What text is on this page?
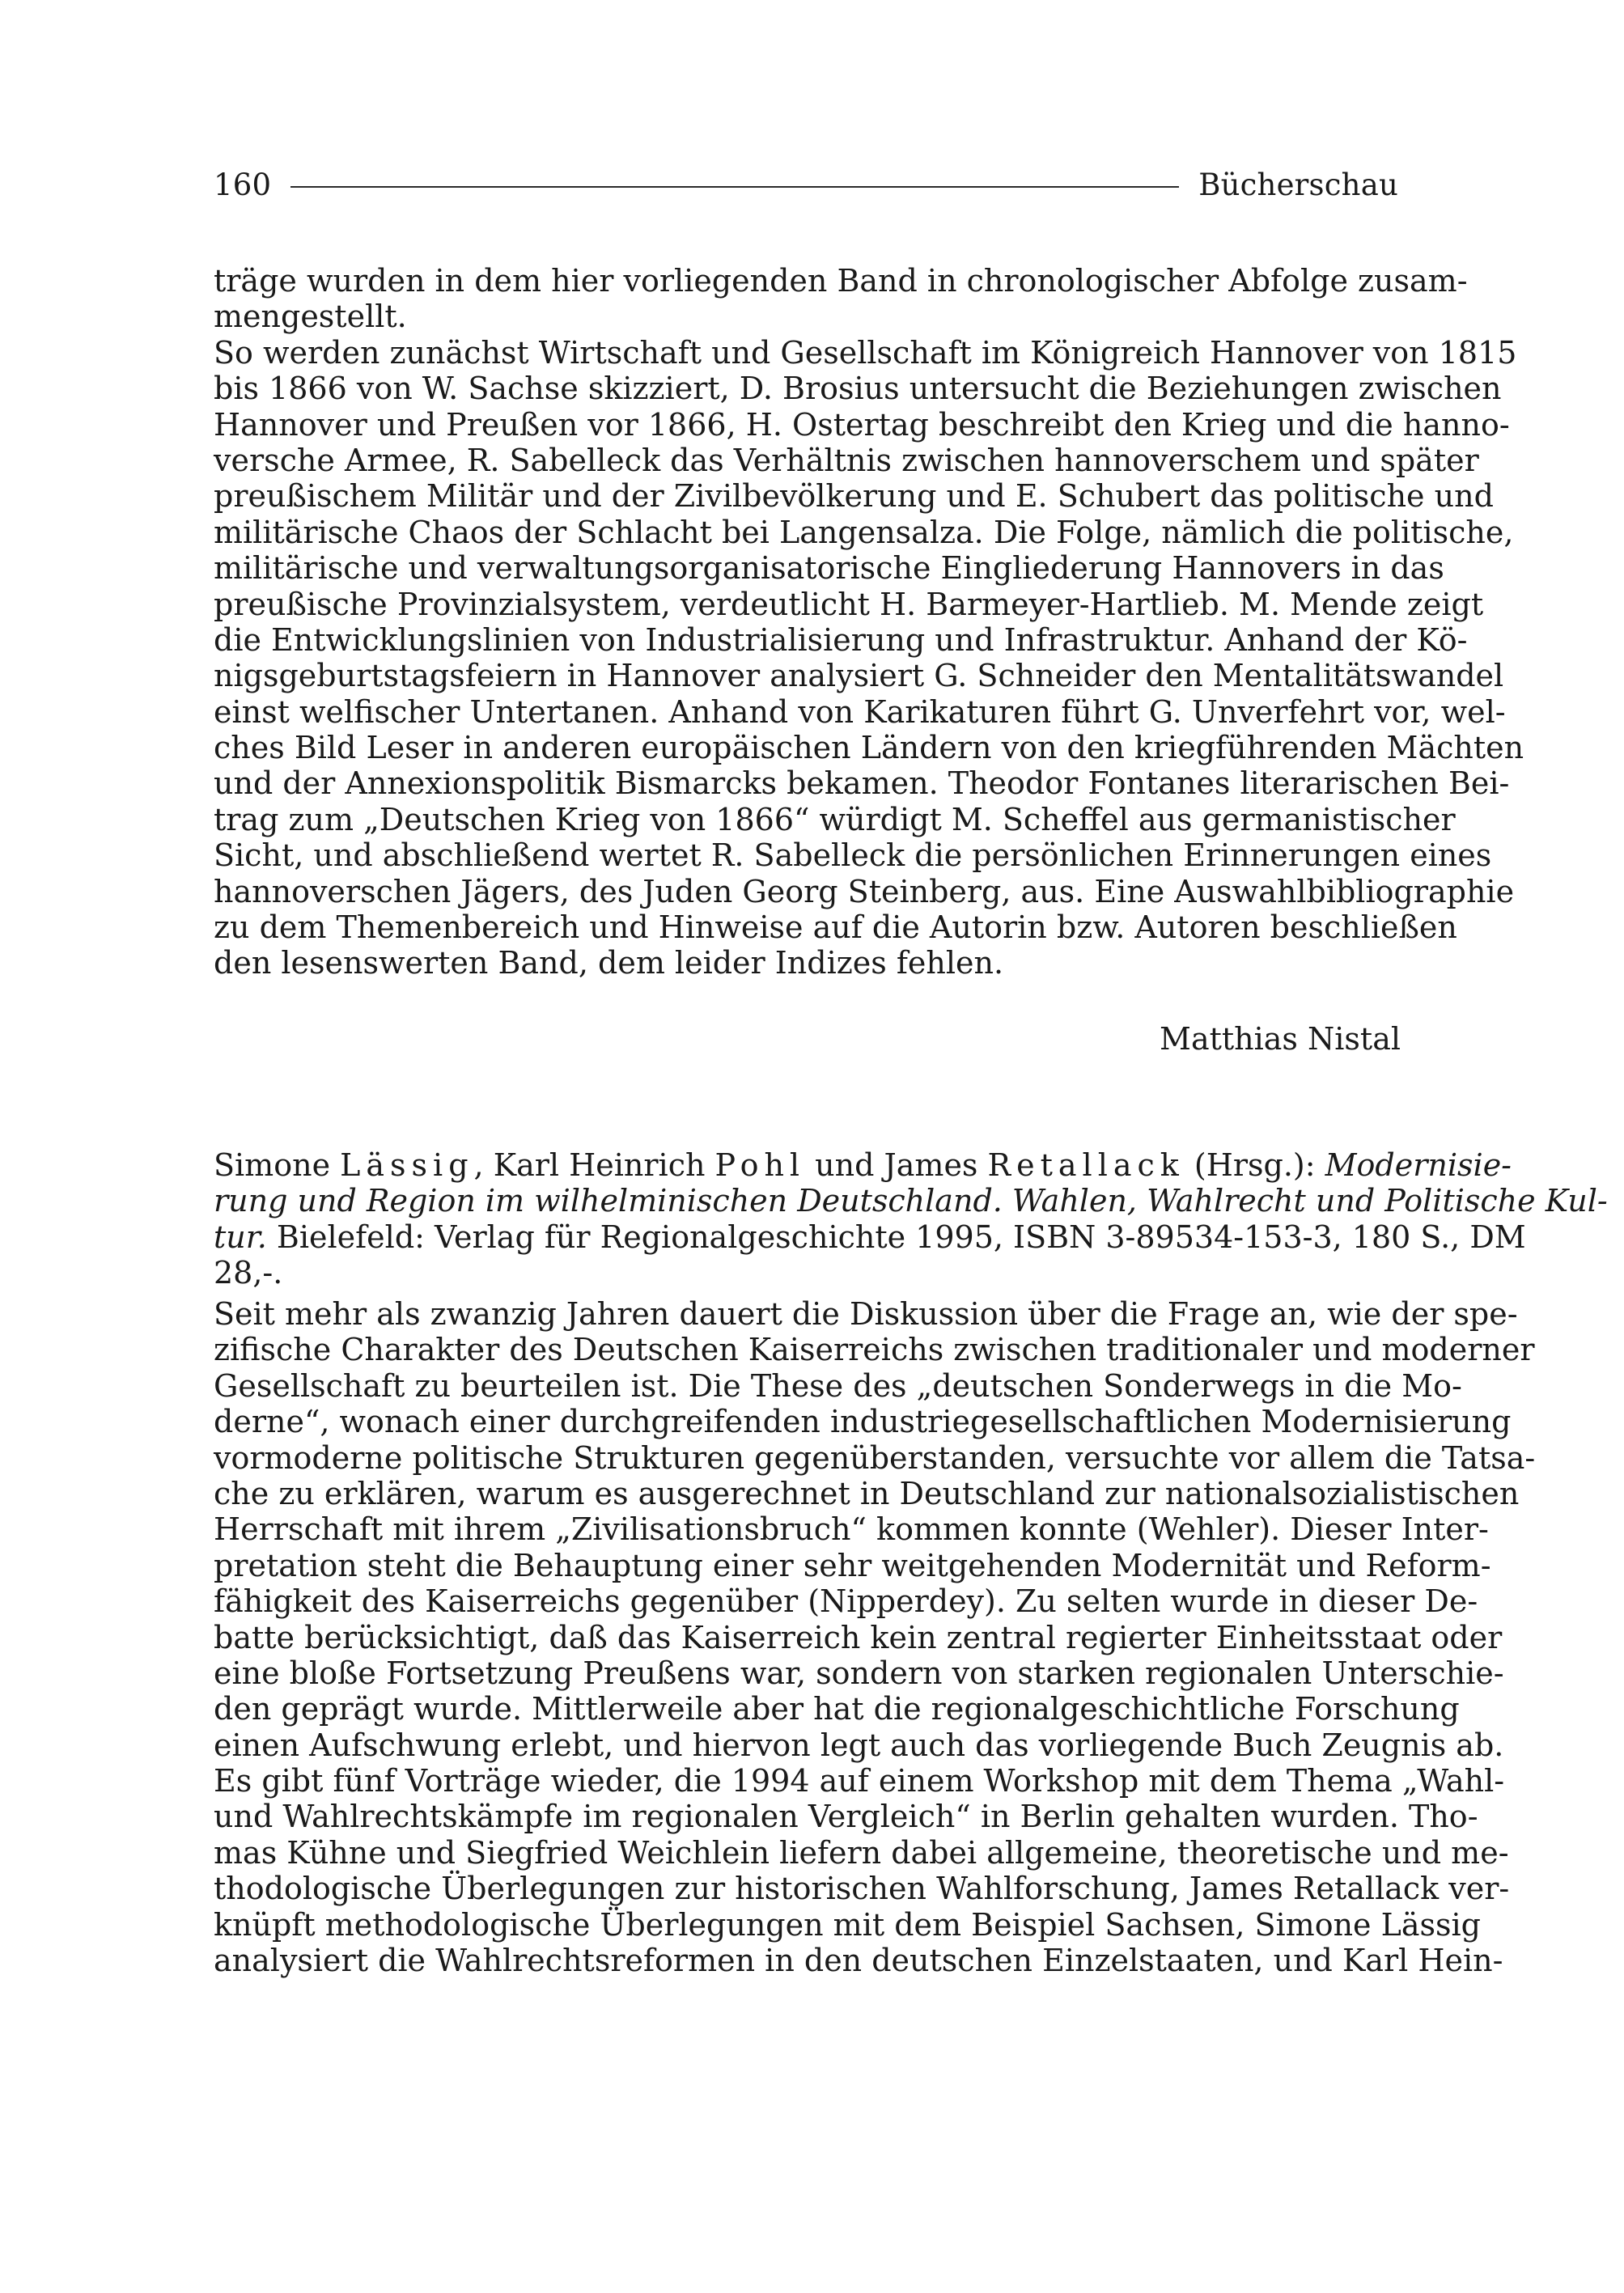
160	Bücherschau
träge wurden in dem hier vorliegenden Band in chronologischer Abfolge zusam-
mengestellt.
So werden zunächst Wirtschaft und Gesellschaft im Königreich Hannover von 1815
bis 1866 von W. Sachse skizziert, D. Brosius untersucht die Beziehungen zwischen
Hannover und Preußen vor 1866, H. Ostertag beschreibt den Krieg und die hanno-
versche Armee, R. Sabelleck das Verhältnis zwischen hannoverschem und später
preußischem Militär und der Zivilbevölkerung und E. Schubert das politische und
militärische Chaos der Schlacht bei Langensalza. Die Folge, nämlich die politische,
militärische und verwaltungsorganisatorische Eingliederung Hannovers in das
preußische Provinzialsystem, verdeutlicht H. Barmeyer-Hartlieb. M. Mende zeigt
die Entwicklungslinien von Industrialisierung und Infrastruktur. Anhand der Kö-
nigsgeburtstagsfeiern in Hannover analysiert G. Schneider den Mentalitätswandel
einst welfischer Untertanen. Anhand von Karikaturen führt G. Unverfehrt vor, wel-
ches Bild Leser in anderen europäischen Ländern von den kriegführenden Mächten
und der Annexionspolitik Bismarcks bekamen. Theodor Fontanes literarischen Bei-
trag zum „Deutschen Krieg von 1866“ würdigt M. Scheffel aus germanistischer
Sicht, und abschließend wertet R. Sabelleck die persönlichen Erinnerungen eines
hannoverschen Jägers, des Juden Georg Steinberg, aus. Eine Auswahlbibliographie
zu dem Themenbereich und Hinweise auf die Autorin bzw. Autoren beschließen
den lesenswerten Band, dem leider Indizes fehlen.
Matthias Nistal
Simone Lässig, Karl Heinrich Pohl und James Retallack (Hrsg.): Modernisie-
rung und Region im wilhelminischen Deutschland. Wahlen, Wahlrecht und Politische Kul-
tur. Bielefeld: Verlag für Regionalgeschichte 1995, ISBN 3-89534-153-3, 180 S., DM
28,-.
Seit mehr als zwanzig Jahren dauert die Diskussion über die Frage an, wie der spe-
zifische Charakter des Deutschen Kaiserreichs zwischen traditionaler und moderner
Gesellschaft zu beurteilen ist. Die These des „deutschen Sonderwegs in die Mo-
derne“, wonach einer durchgreifenden industriegesellschaftlichen Modernisierung
vormoderne politische Strukturen gegenüberstanden, versuchte vor allem die Tatsa-
che zu erklären, warum es ausgerechnet in Deutschland zur nationalsozialistischen
Herrschaft mit ihrem „Zivilisationsbruch“ kommen konnte (Wehler). Dieser Inter-
pretation steht die Behauptung einer sehr weitgehenden Modernität und Reform-
fähigkeit des Kaiserreichs gegenüber (Nipperdey). Zu selten wurde in dieser De-
batte berücksichtigt, daß das Kaiserreich kein zentral regierter Einheitsstaat oder
eine bloße Fortsetzung Preußens war, sondern von starken regionalen Unterschie-
den geprägt wurde. Mittlerweile aber hat die regionalgeschichtliche Forschung
einen Aufschwung erlebt, und hiervon legt auch das vorliegende Buch Zeugnis ab.
Es gibt fünf Vorträge wieder, die 1994 auf einem Workshop mit dem Thema „Wahl-
und Wahlrechtskämpfe im regionalen Vergleich“ in Berlin gehalten wurden. Tho-
mas Kühne und Siegfried Weichlein liefern dabei allgemeine, theoretische und me-
thodologische Überlegungen zur historischen Wahlforschung, James Retallack ver-
knüpft methodologische Überlegungen mit dem Beispiel Sachsen, Simone Lässig
analysiert die Wahlrechtsreformen in den deutschen Einzelstaaten, und Karl Hein-
